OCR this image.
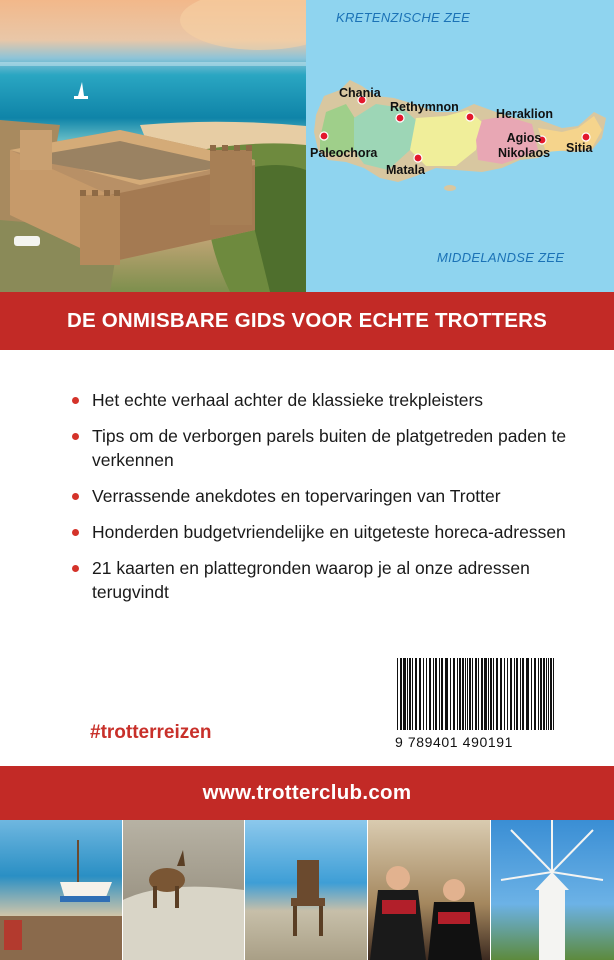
KRETENZISCHE ZEE
MIDDELANDSE ZEE
Chania
Rethymnon	Heraklion
Paleochora
Agios Nikolaos	Sitia
Matala
DE ONMISBARE GIDS VOOR ECHTE TROTTERS
Het echte verhaal achter de klassieke trekpleisters
Tips om de verborgen parels buiten de platgetreden paden te verkennen
Verrassende anekdotes en topervaringen van Trotter
Honderden budgetvriendelijke en uitgeteste horeca-adressen
21 kaarten en plattegronden waarop je al onze adressen terugvindt
#trotterreizen	9 789401 490191
www.trotterclub.com
